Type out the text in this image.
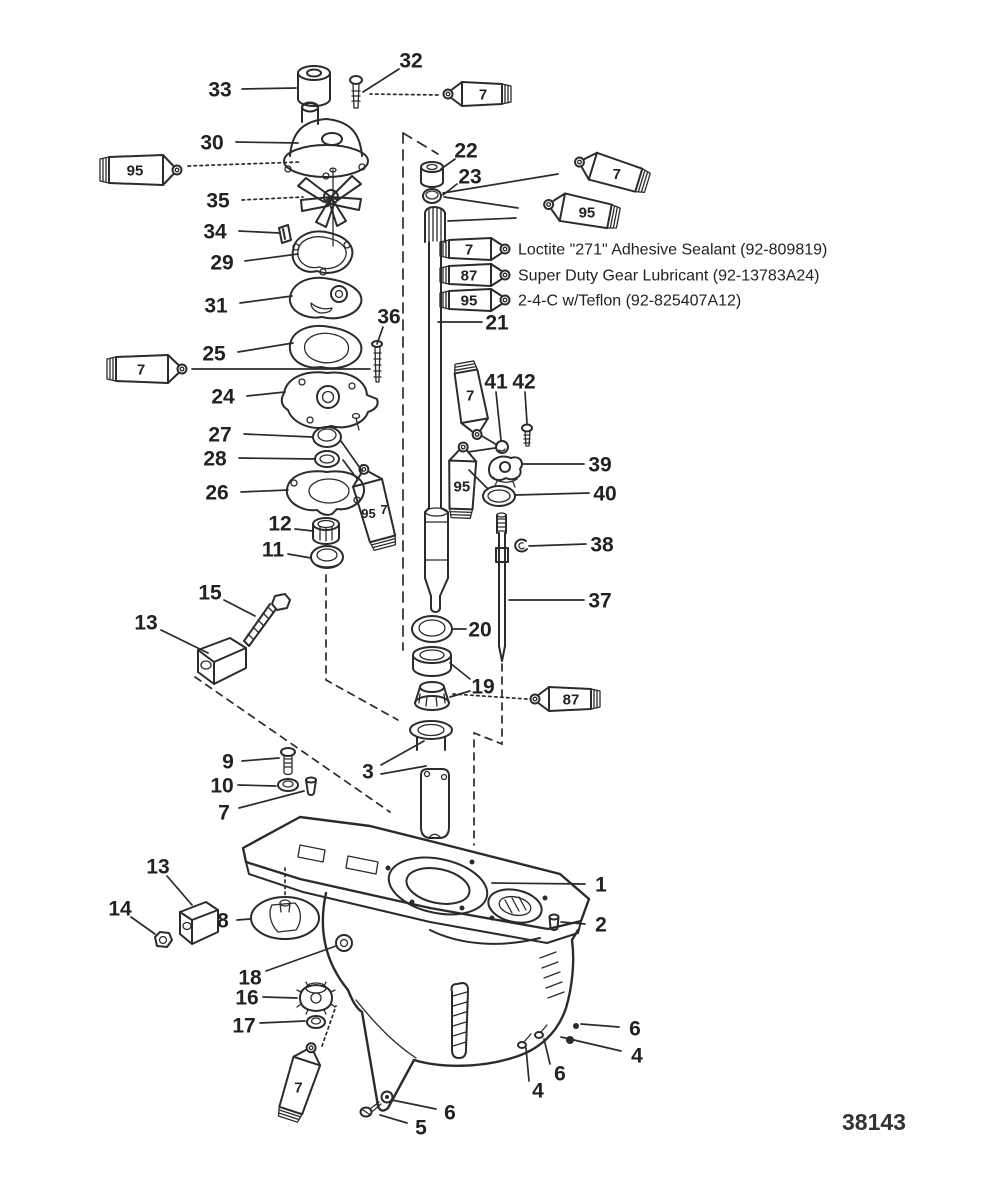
95
7
7
95
7
95 7
7
95
87
7
7	Loctite "271" Adhesive Sealant (92-809819)
87	Super Duty Gear Lubricant (92-13783A24)
95	2-4-C w/Teflon (92-825407A12)
33
32
30
35
34
29
31
25
36
24
27
28
26
12
11
22
23
21
15
13	20
19
37
38
39
40
41 42
9
10
7
3
1
2
13
14
8
18
16
17	6
4
6
4
6
5	38143
